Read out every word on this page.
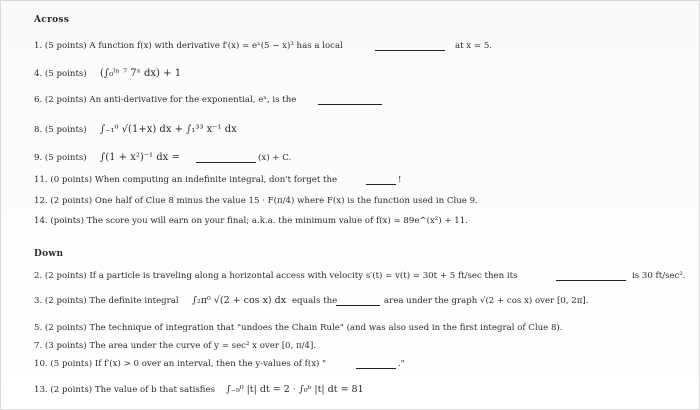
Across
1. (5 points) A function f(x) with derivative f′(x) = eˣ(5 − x)³ has a local	at x = 5.
4. (5 points) (∫₀ˡⁿ ⁷ 7ˣ dx) + 1
6. (2 points) An anti-derivative for the exponential, eˣ, is the
8. (5 points) ∫₋₁⁰ √(1+x) dx + ∫₁³³ x⁻¹ dx
9. (5 points) ∫(1 + x²)⁻¹ dx =	(x) + C.
11. (0 points) When computing an indefinite integral, don't forget the	!
12. (2 points) One half of Clue 8 minus the value 15 · F(π/4) where F(x) is the function used in Clue 9.
14. (points) The score you will earn on your final; a.k.a. the minimum value of f(x) = 89e^(x²) + 11.
Down
2. (2 points) If a particle is traveling along a horizontal access with velocity s′(t) = v(t) = 30t + 5 ft/sec then its	is 30 ft/sec².
3. (2 points) The definite integral ∫₂π⁰ √(2 + cos x) dx equals the	area under the graph √(2 + cos x) over [0, 2π].
5. (2 points) The technique of integration that "undoes the Chain Rule" (and was also used in the first integral of Clue 8).
7. (3 points) The area under the curve of y = sec² x over [0, π/4].
10. (5 points) If f′(x) > 0 over an interval, then the y-values of f(x) "	."
13. (2 points) The value of b that satisfies ∫₋₉⁰ |t| dt = 2 · ∫₀ᵇ |t| dt = 81
